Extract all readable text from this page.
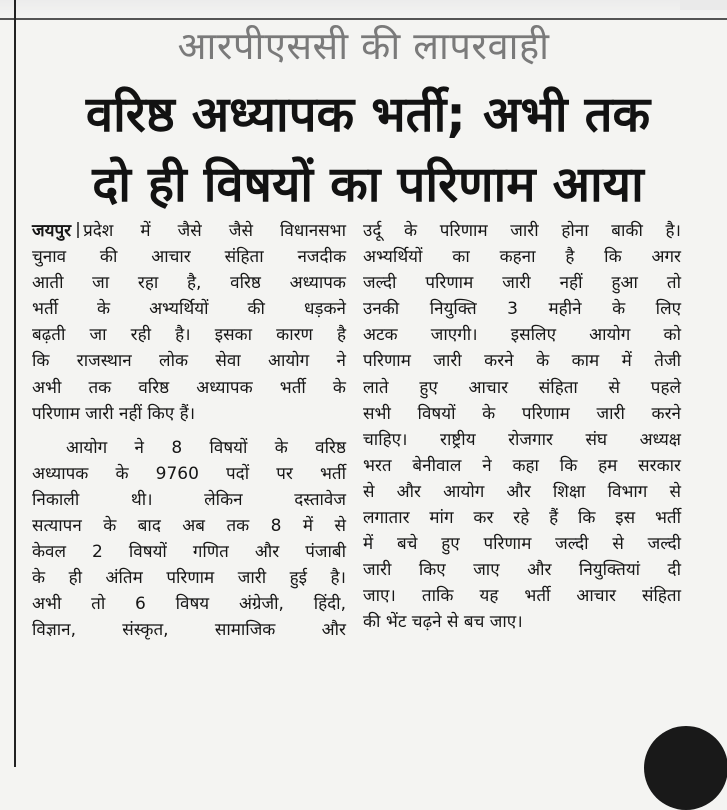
आरपीएससी की लापरवाही
वरिष्ठ अध्यापक भर्ती; अभी तक
दो ही विषयों का परिणाम आया

जयपुर प्रदेश में जैसे जैसे विधानसभा

चुनाव की आचार संहिता नजदीक

आती जा रहा है, वरिष्ठ अध्यापक

भर्ती के अभ्यर्थियों की धड़कने

बढ़ती जा रही है। इसका कारण है

कि राजस्थान लोक सेवा आयोग ने

अभी तक वरिष्ठ अध्यापक भर्ती के

परिणाम जारी नहीं किए हैं।

आयोग ने 8 विषयों के वरिष्ठ

अध्यापक के 9760 पदों पर भर्ती

निकाली थी। लेकिन दस्तावेज

सत्यापन के बाद अब तक 8 में से

केवल 2 विषयों गणित और पंजाबी

के ही अंतिम परिणाम जारी हुई है।

अभी तो 6 विषय अंग्रेजी, हिंदी,

विज्ञान, संस्कृत, सामाजिक और

उर्दू के परिणाम जारी होना बाकी है।

अभ्यर्थियों का कहना है कि अगर

जल्दी परिणाम जारी नहीं हुआ तो

उनकी नियुक्ति 3 महीने के लिए

अटक जाएगी। इसलिए आयोग को

परिणाम जारी करने के काम में तेजी

लाते हुए आचार संहिता से पहले

सभी विषयों के परिणाम जारी करने

चाहिए। राष्ट्रीय रोजगार संघ अध्यक्ष

भरत बेनीवाल ने कहा कि हम सरकार

से और आयोग और शिक्षा विभाग से

लगातार मांग कर रहे हैं कि इस भर्ती

में बचे हुए परिणाम जल्दी से जल्दी

जारी किए जाए और नियुक्तियां दी

जाए। ताकि यह भर्ती आचार संहिता

की भेंट चढ़ने से बच जाए।
